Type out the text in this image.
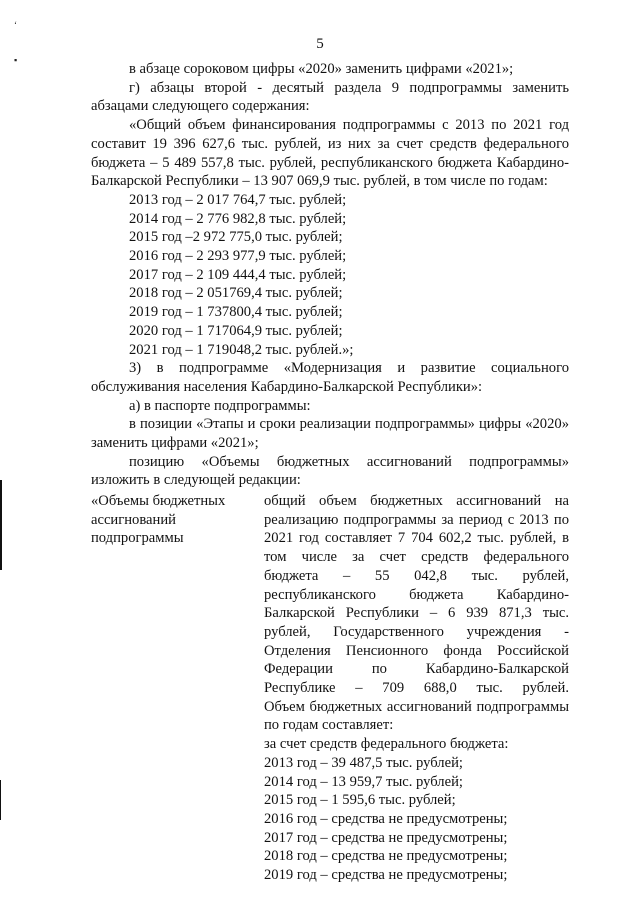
‘
▪
5

в абзаце сороковом цифры «2020» заменить цифрами «2021»;

г) абзацы второй - десятый раздела 9 подпрограммы заменить абзацами следующего содержания:

«Общий объем финансирования подпрограммы с 2013 по 2021 год составит 19 396 627,6 тыс. рублей, из них за счет средств федерального бюджета – 5 489 557,8 тыс. рублей, республиканского бюджета Кабардино-Балкарской Республики – 13 907 069,9 тыс. рублей, в том числе по годам:

2013 год – 2 017 764,7 тыс. рублей;

2014 год – 2 776 982,8 тыс. рублей;

2015 год –2 972 775,0 тыс. рублей;

2016 год – 2 293 977,9 тыс. рублей;

2017 год – 2 109 444,4 тыс. рублей;

2018 год – 2 051769,4 тыс. рублей;

2019 год – 1 737800,4 тыс. рублей;

2020 год – 1 717064,9 тыс. рублей;

2021 год – 1 719048,2 тыс. рублей.»;

3) в подпрограмме «Модернизация и развитие социального обслуживания населения Кабардино-Балкарской Республики»:

а) в паспорте подпрограммы:

в позиции «Этапы и сроки реализации подпрограммы» цифры «2020» заменить цифрами «2021»;

позицию «Объемы бюджетных ассигнований подпрограммы» изложить в следующей редакции:

«Объемы бюджетных ассигнований подпрограммы

общий объем бюджетных ассигнований на реализацию подпрограммы за период с 2013 по 2021 год составляет 7 704 602,2 тыс. рублей, в том числе за счет средств федерального бюджета – 55 042,8 тыс. рублей, республиканского бюджета Кабардино-Балкарской Республики – 6 939 871,3 тыс. рублей, Государственного учреждения - Отделения Пенсионного фонда Российской Федерации по Кабардино-Балкарской Республике – 709 688,0 тыс. рублей.

Объем бюджетных ассигнований подпрограммы по годам составляет:

за счет средств федерального бюджета:

2013 год – 39 487,5 тыс. рублей;

2014 год – 13 959,7 тыс. рублей;

2015 год – 1 595,6 тыс. рублей;

2016 год – средства не предусмотрены;

2017 год – средства не предусмотрены;

2018 год – средства не предусмотрены;

2019 год – средства не предусмотрены;
